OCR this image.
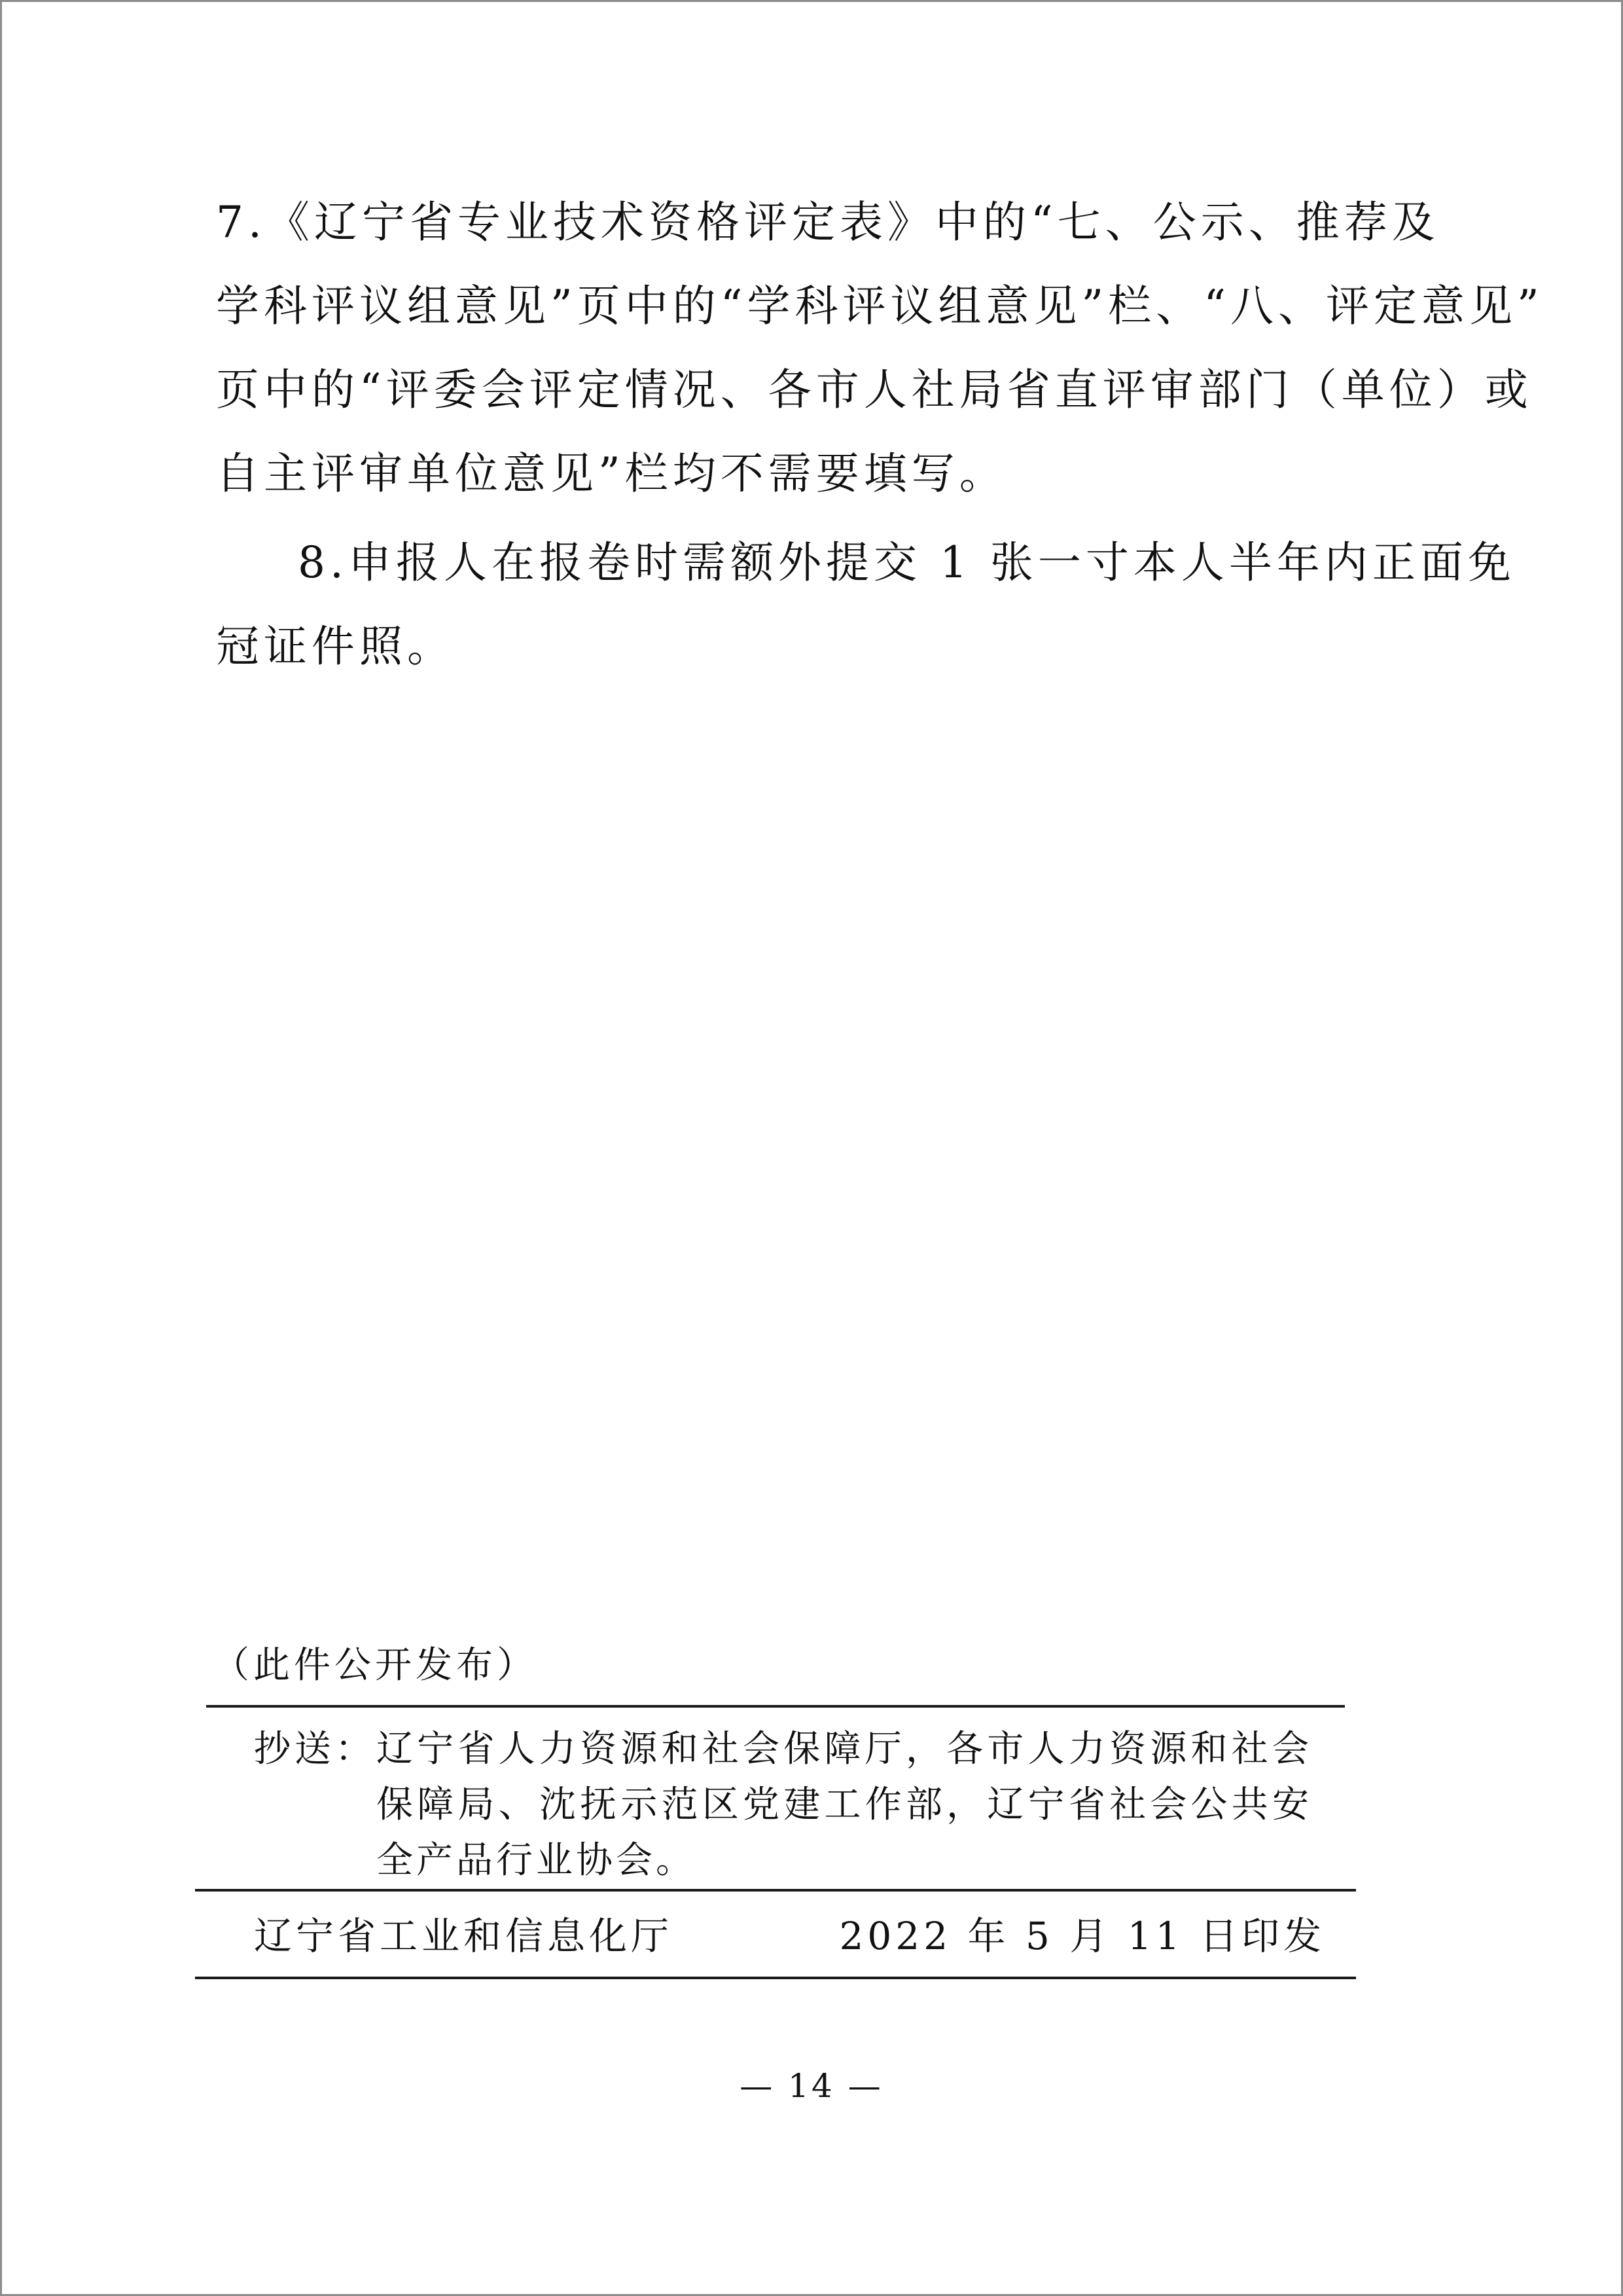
7.《辽宁省专业技术资格评定表》中的“七、公示、推荐及

学科评议组意见”页中的“学科评议组意见”栏、“八、评定意见”

页中的“评委会评定情况、各市人社局省直评审部门（单位）或

自主评审单位意见”栏均不需要填写。

8.申报人在报卷时需额外提交 1 张一寸本人半年内正面免

冠证件照。

（此件公开发布）

抄送： 辽宁省人力资源和社会保障厅，各市人力资源和社会

保障局、沈抚示范区党建工作部，辽宁省社会公共安

全产品行业协会。

辽宁省工业和信息化厅	2022 年 5 月 11 日印发

— 14 —
